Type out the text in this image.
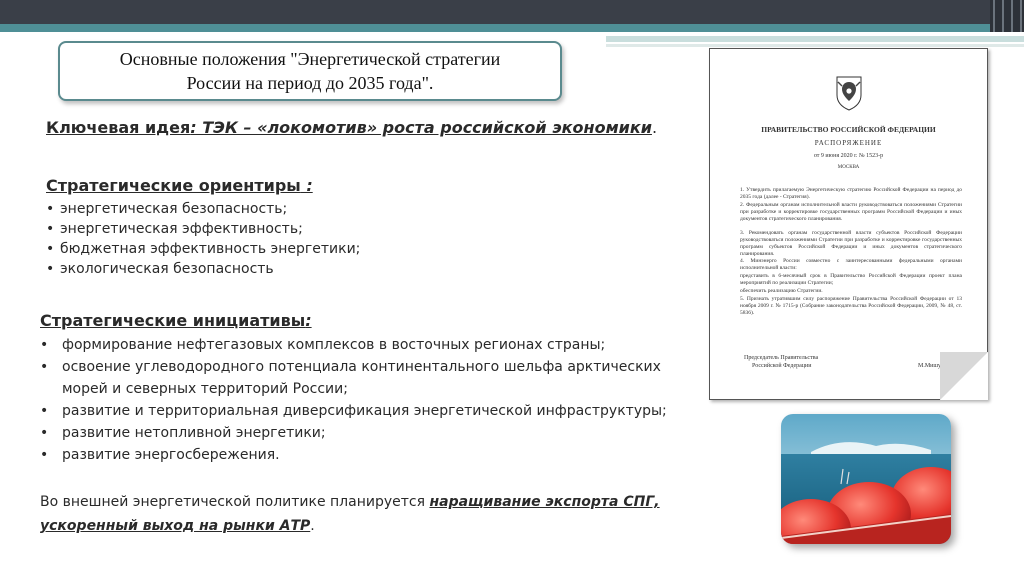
Основные положения "Энергетической стратегии
России на период до 2035 года".
Ключевая идея: ТЭК – «локомотив» роста российской экономики.
Стратегические ориентиры :
• энергетическая безопасность;
• энергетическая эффективность;
• бюджетная эффективность энергетики;
• экологическая безопасность
Стратегические инициативы:
• формирование нефтегазовых комплексов в восточных регионах страны;
• освоение углеводородного потенциала континентального шельфа арктических
морей и северных территорий России;
• развитие и территориальная диверсификация энергетической инфраструктуры;
• развитие нетопливной энергетики;
• развитие энергосбережения.
Во внешней энергетической политике планируется наращивание экспорта СПГ,
ускоренный выход на рынки АТР.
ПРАВИТЕЛЬСТВО РОССИЙСКОЙ ФЕДЕРАЦИИ
РАСПОРЯЖЕНИЕ
от 9 июня 2020 г. № 1523-р
МОСКВА
1. Утвердить прилагаемую Энергетическую стратегию Российской Федерации на период до 2035 года (далее - Стратегия).
2. Федеральным органам исполнительной власти руководствоваться положениями Стратегии при разработке и корректировке государственных программ Российской Федерации и иных документов стратегического планирования.
3. Рекомендовать органам государственной власти субъектов Российской Федерации руководствоваться положениями Стратегии при разработке и корректировке государственных программ субъектов Российской Федерации и иных документов стратегического планирования.
4. Минэнерго России совместно с заинтересованными федеральными органами исполнительной власти:
представить в 6-месячный срок в Правительство Российской Федерации проект плана мероприятий по реализации Стратегии;
обеспечить реализацию Стратегии.
5. Признать утратившим силу распоряжение Правительства Российской Федерации от 13 ноября 2009 г. № 1715-р (Собрание законодательства Российской Федерации, 2009, № 48, ст. 5836).
Председатель Правительства
Российской Федерации	М.Мишустин
